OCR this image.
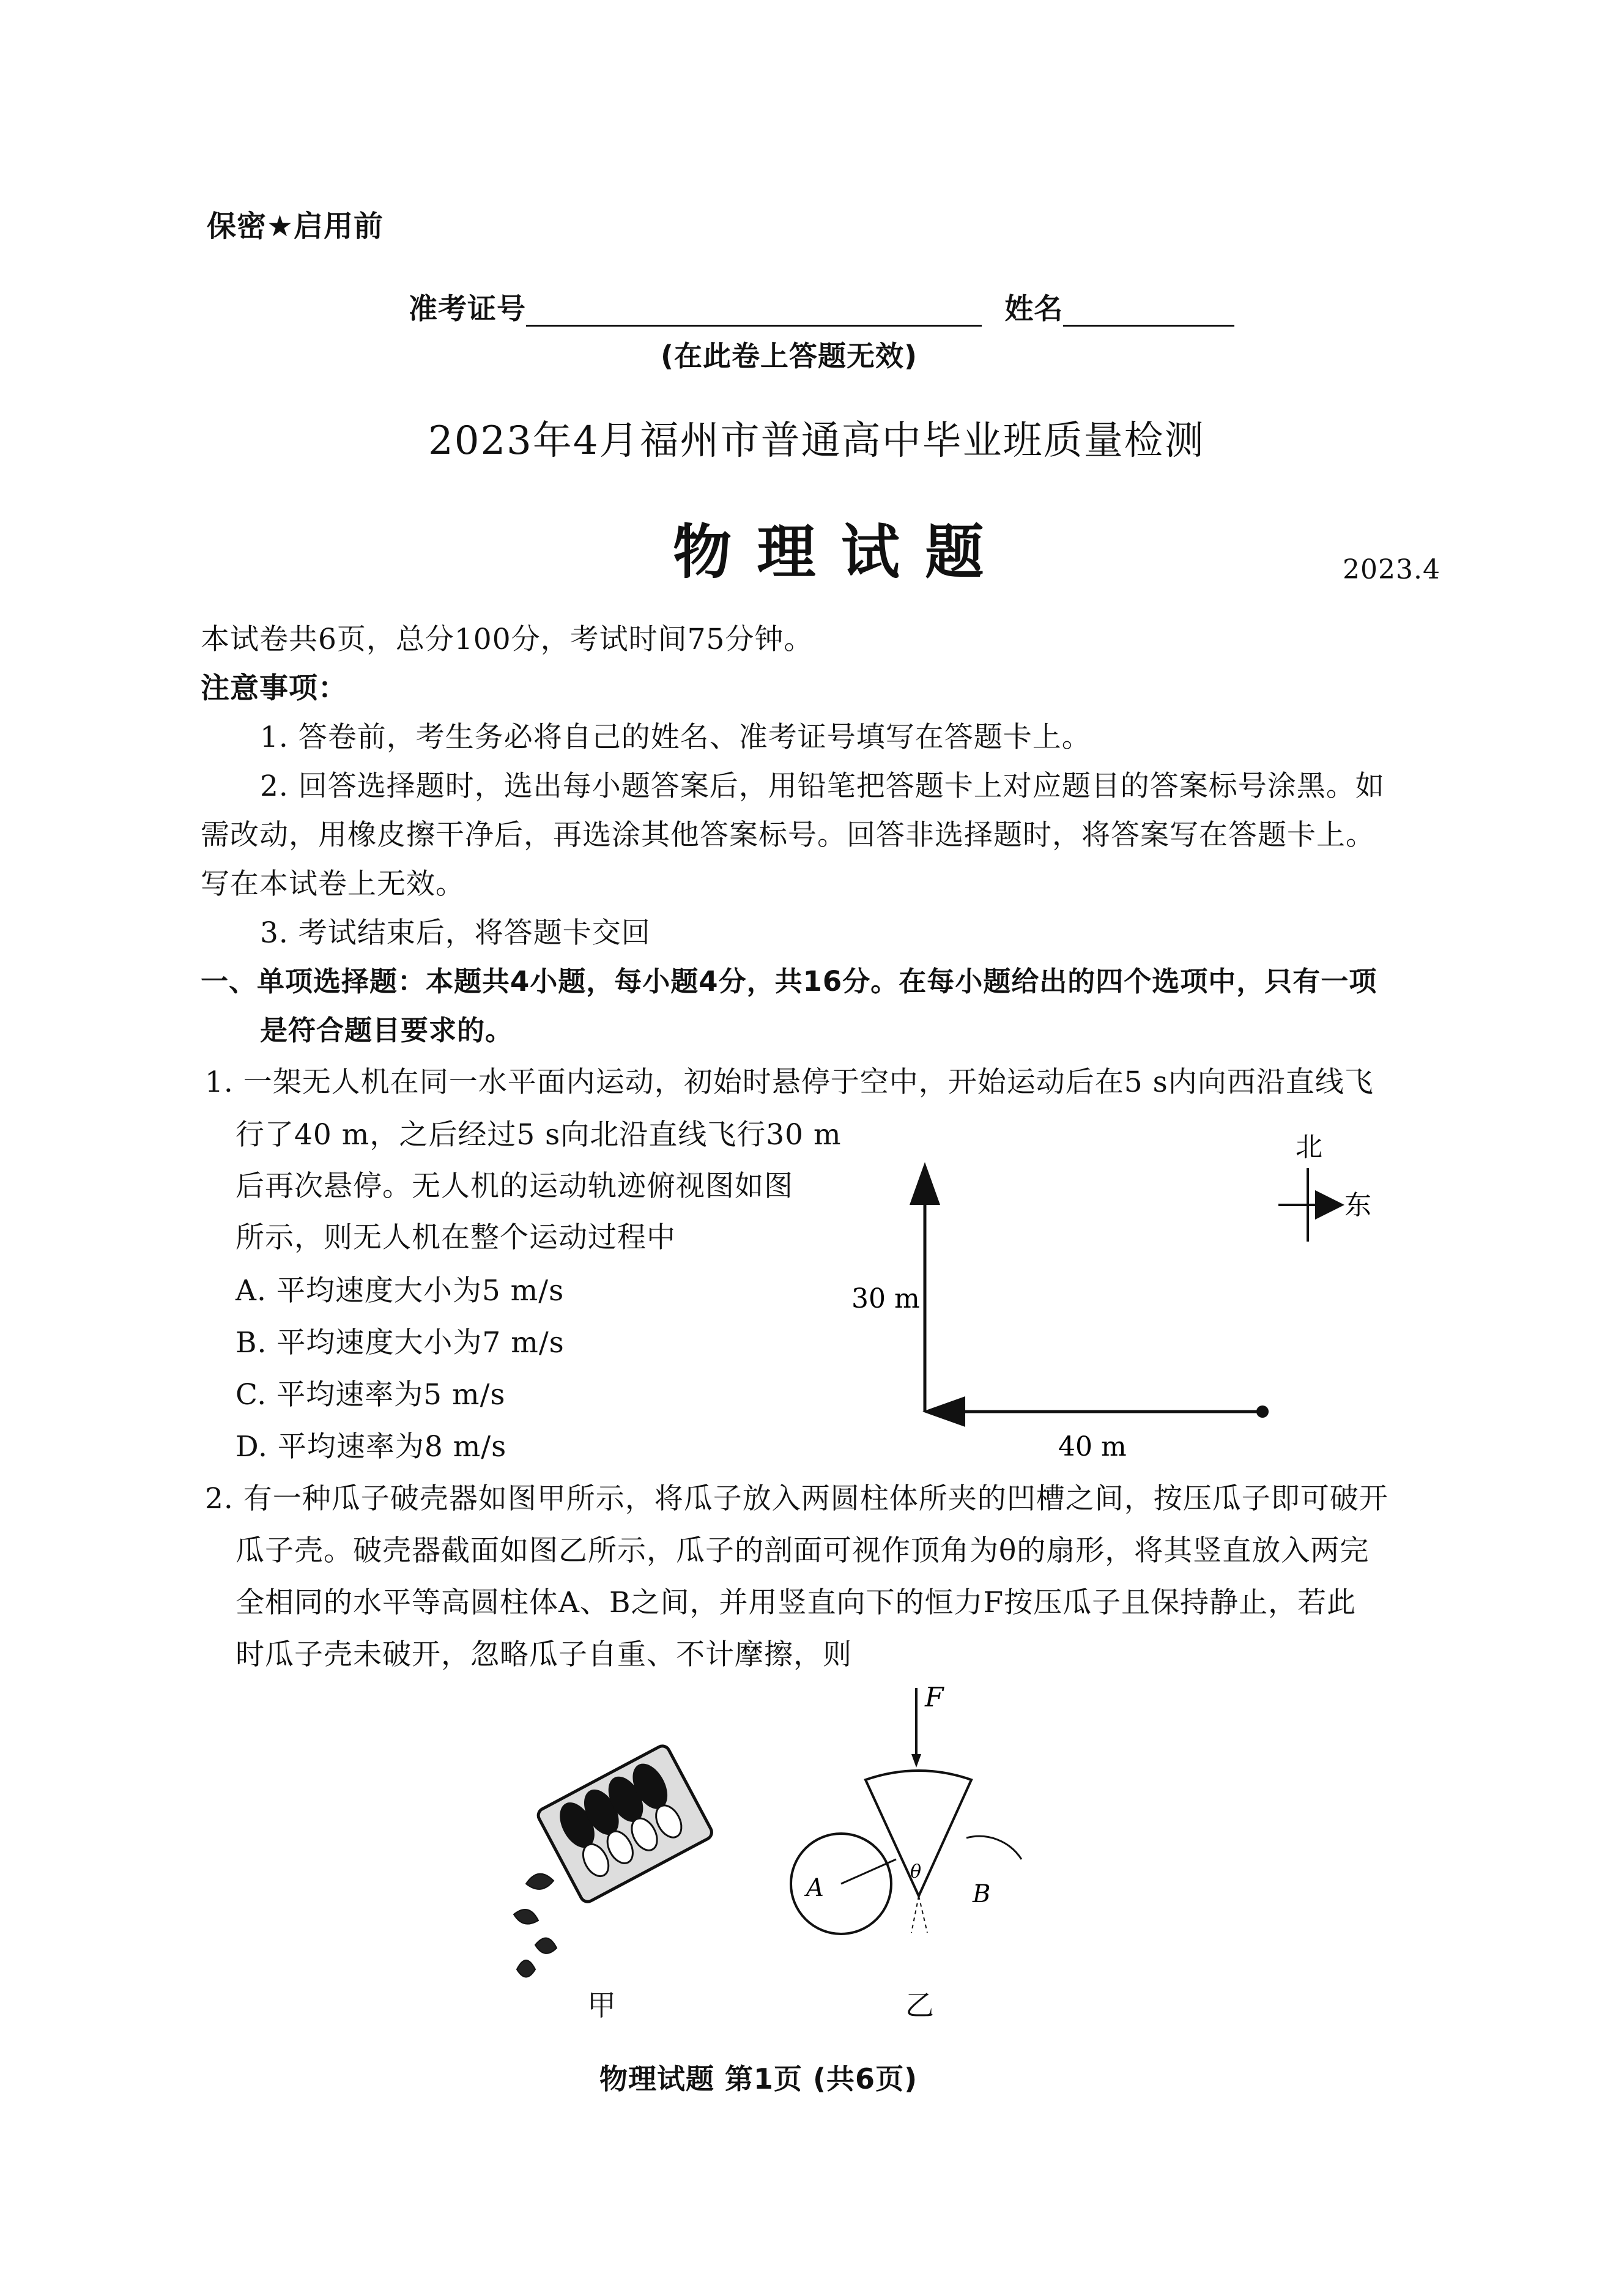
保密★启用前
准考证号	姓名
(在此卷上答题无效)
2023年4月福州市普通高中毕业班质量检测
物 理 试 题	2023.4
本试卷共6页，总分100分，考试时间75分钟。
注意事项：
1. 答卷前，考生务必将自己的姓名、准考证号填写在答题卡上。
2. 回答选择题时，选出每小题答案后，用铅笔把答题卡上对应题目的答案标号涂黑。如
需改动，用橡皮擦干净后，再选涂其他答案标号。回答非选择题时，将答案写在答题卡上。
写在本试卷上无效。
3. 考试结束后，将答题卡交回
一、单项选择题：本题共4小题，每小题4分，共16分。在每小题给出的四个选项中，只有一项
是符合题目要求的。
1. 一架无人机在同一水平面内运动，初始时悬停于空中，开始运动后在5 s内向西沿直线飞
行了40 m，之后经过5 s向北沿直线飞行30 m
后再次悬停。无人机的运动轨迹俯视图如图
所示，则无人机在整个运动过程中
A. 平均速度大小为5 m/s
B. 平均速度大小为7 m/s
C. 平均速率为5 m/s
D. 平均速率为8 m/s
30 m
40 m
北
东
2. 有一种瓜子破壳器如图甲所示，将瓜子放入两圆柱体所夹的凹槽之间，按压瓜子即可破开
瓜子壳。破壳器截面如图乙所示，瓜子的剖面可视作顶角为θ的扇形，将其竖直放入两完
全相同的水平等高圆柱体A、B之间，并用竖直向下的恒力F按压瓜子且保持静止，若此
时瓜子壳未破开，忽略瓜子自重、不计摩擦，则
甲
F
A	B
θ
乙
物理试题 第1页 (共6页)
